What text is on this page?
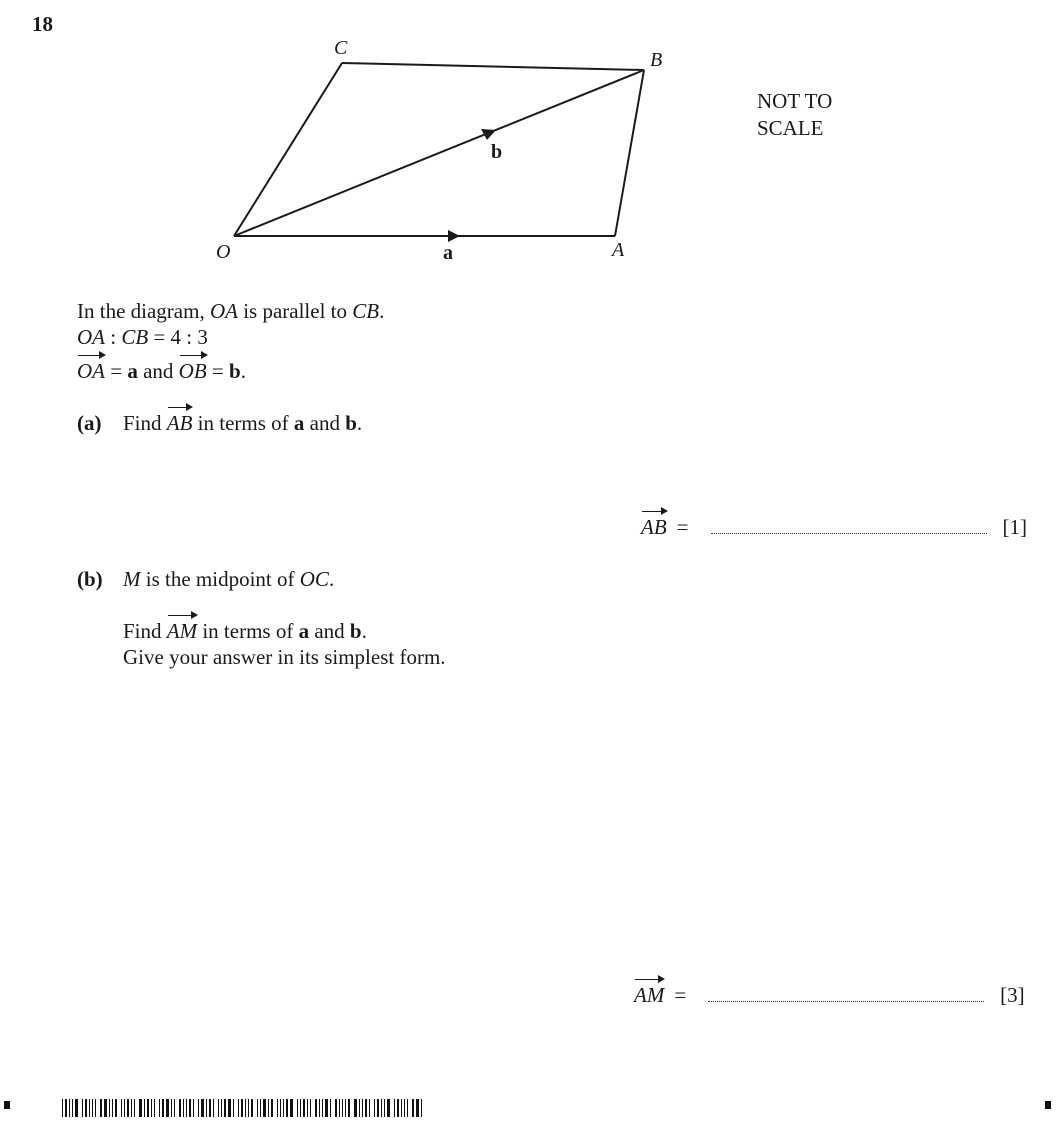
18
C
B
O	A
a
b
NOT TO
SCALE
In the diagram, OA is parallel to CB.
OA : CB = 4 : 3
OA = a and OB = b.
(a) Find AB in terms of a and b.
AB =	[1]
(b) M is the midpoint of OC.
Find AM in terms of a and b.
Give your answer in its simplest form.
AM =	[3]
